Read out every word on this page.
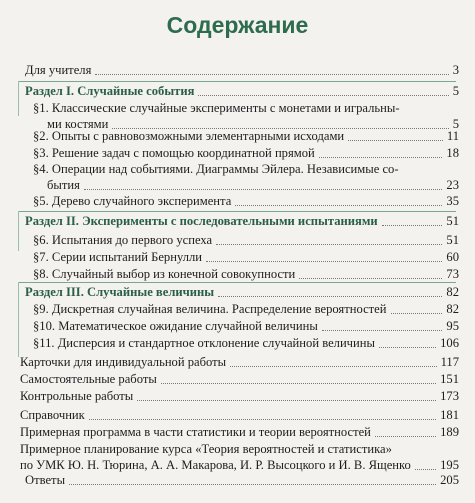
Содержание
Для учителя	3
Раздел I. Случайные события	5
§1. Классические случайные эксперименты с монетами и игральны-
ми костями	5
§2. Опыты с равновозможными элементарными исходами	11
§3. Решение задач с помощью координатной прямой	18
§4. Операции над событиями. Диаграммы Эйлера. Независимые со-
бытия	23
§5. Дерево случайного эксперимента	35
Раздел II. Эксперименты с последовательными испытаниями	51
§6. Испытания до первого успеха	51
§7. Серии испытаний Бернулли	60
§8. Случайный выбор из конечной совокупности	73
Раздел III. Случайные величины	82
§9. Дискретная случайная величина. Распределение вероятностей	82
§10. Математическое ожидание случайной величины	95
§11. Дисперсия и стандартное отклонение случайной величины	106
Карточки для индивидуальной работы	117
Самостоятельные работы	151
Контрольные работы	173
Справочник	181
Примерная программа в части статистики и теории вероятностей	189
Примерное планирование курса «Теория вероятностей и статистика»
по УМК Ю. Н. Тюрина, А. А. Макарова, И. Р. Высоцкого и И. В. Ященко 195
Ответы	205
